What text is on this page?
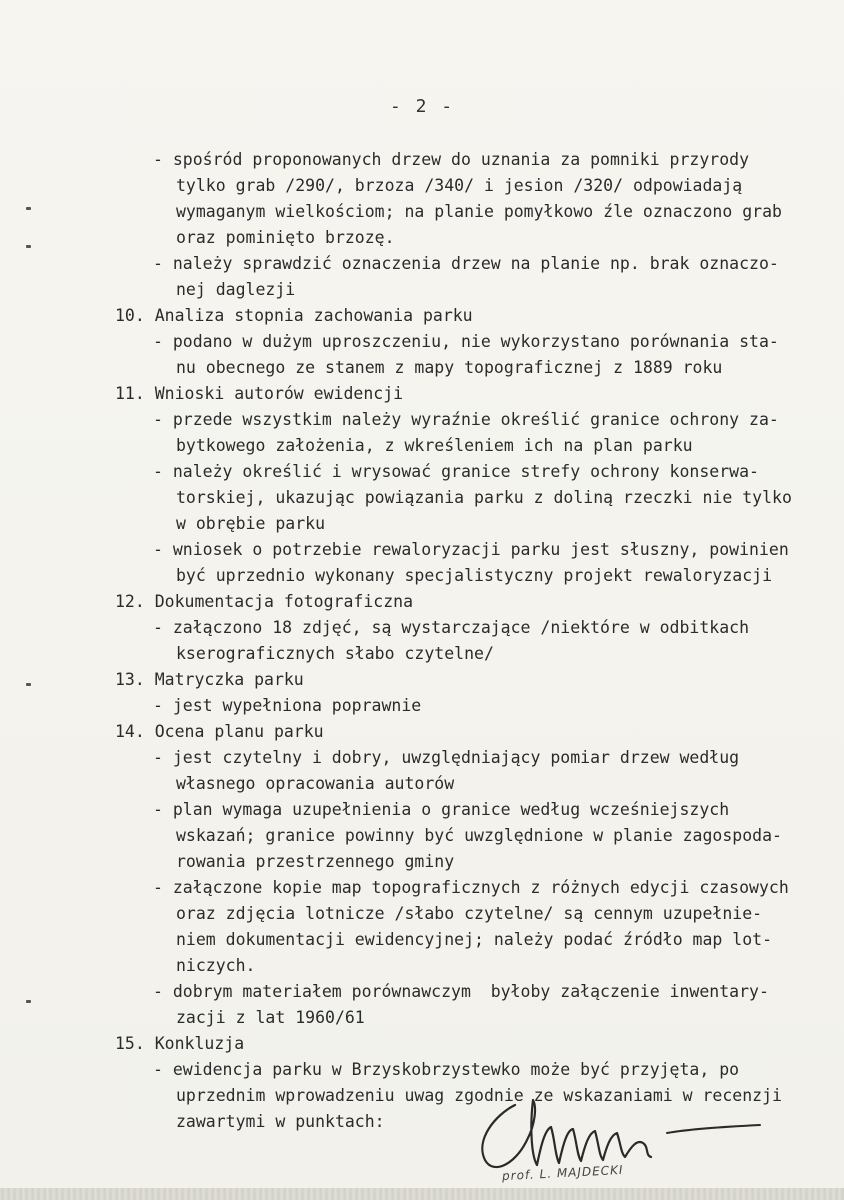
- 2 -
- spośród proponowanych drzew do uznania za pomniki przyrody
tylko grab /290/, brzoza /340/ i jesion /320/ odpowiadają
wymaganym wielkościom; na planie pomyłkowo źle oznaczono grab
oraz pominięto brzozę.
- należy sprawdzić oznaczenia drzew na planie np. brak oznaczo-
nej daglezji
10. Analiza stopnia zachowania parku
- podano w dużym uproszczeniu, nie wykorzystano porównania sta-
nu obecnego ze stanem z mapy topograficznej z 1889 roku
11. Wnioski autorów ewidencji
- przede wszystkim należy wyraźnie określić granice ochrony za-
bytkowego założenia, z wkreśleniem ich na plan parku
- należy określić i wrysować granice strefy ochrony konserwa-
torskiej, ukazując powiązania parku z doliną rzeczki nie tylko
w obrębie parku
- wniosek o potrzebie rewaloryzacji parku jest słuszny, powinien
być uprzednio wykonany specjalistyczny projekt rewaloryzacji
12. Dokumentacja fotograficzna
- załączono 18 zdjęć, są wystarczające /niektóre w odbitkach
kserograficznych słabo czytelne/
13. Matryczka parku
- jest wypełniona poprawnie
14. Ocena planu parku
- jest czytelny i dobry, uwzględniający pomiar drzew według
własnego opracowania autorów
- plan wymaga uzupełnienia o granice według wcześniejszych
wskazań; granice powinny być uwzględnione w planie zagospoda-
rowania przestrzennego gminy
- załączone kopie map topograficznych z różnych edycji czasowych
oraz zdjęcia lotnicze /słabo czytelne/ są cennym uzupełnie-
niem dokumentacji ewidencyjnej; należy podać źródło map lot-
niczych.
- dobrym materiałem porównawczym  byłoby załączenie inwentary-
zacji z lat 1960/61
15. Konkluzja
- ewidencja parku w Brzyskobrzystewko może być przyjęta, po
uprzednim wprowadzeniu uwag zgodnie ze wskazaniami w recenzji
zawartymi w punktach:
prof. L. MAJDECKI
